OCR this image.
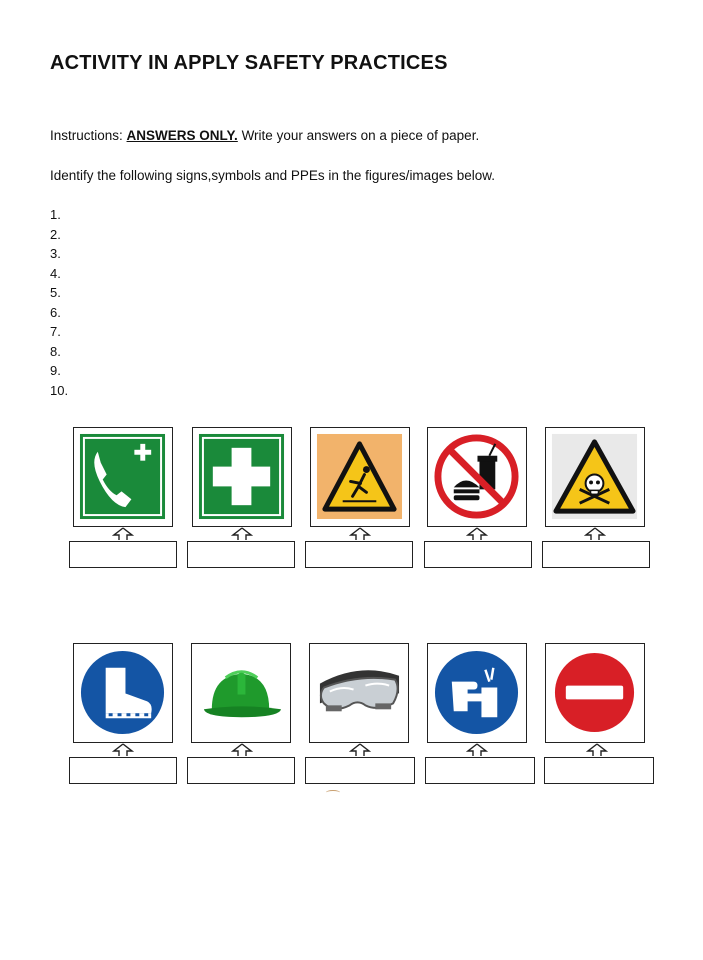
ACTIVITY IN APPLY SAFETY PRACTICES
Instructions: ANSWERS ONLY. Write your answers on a piece of paper.
Identify the following signs,symbols and PPEs in the figures/images below.
1.
2.
3.
4.
5.
6.
7.
8.
9.
10.
